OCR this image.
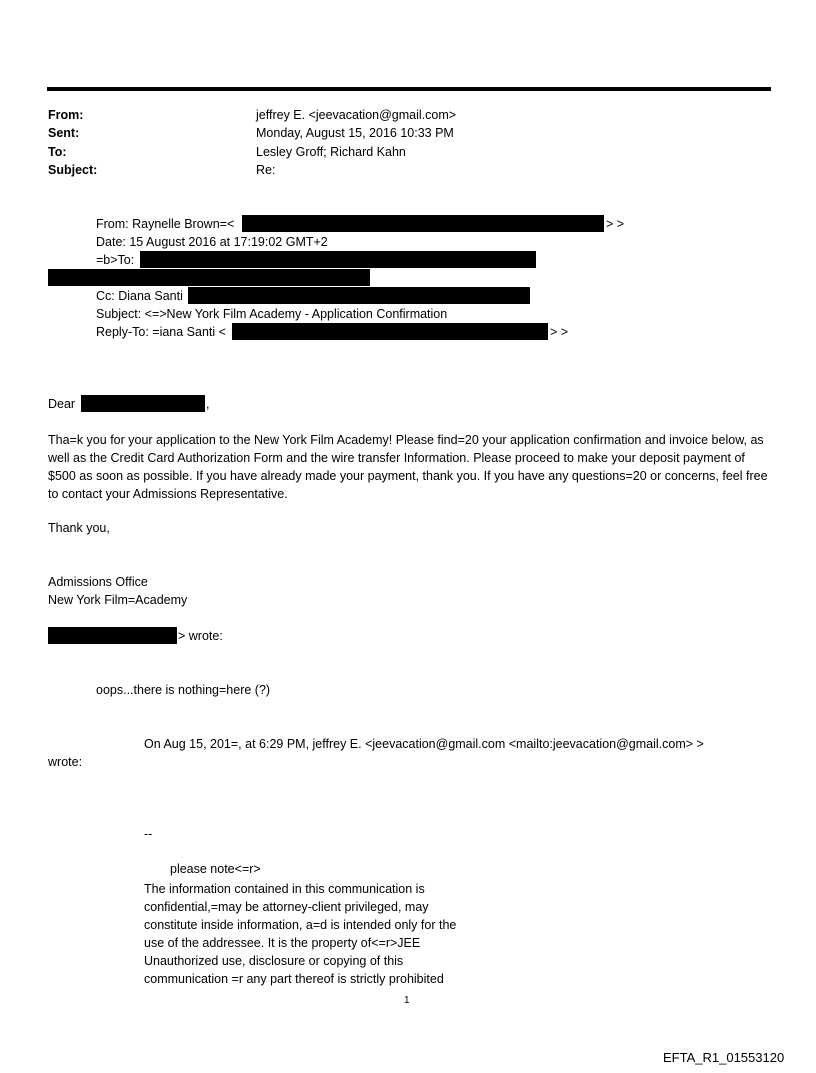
From:	jeffrey E. <jeevacation@gmail.com>
Sent:	Monday, August 15, 2016 10:33 PM
To:	Lesley Groff; Richard Kahn
Subject:	Re:
From: Raynelle Brown=<	> >
Date: 15 August 2016 at 17:19:02 GMT+2
=b>To:
Cc: Diana Santi
Subject: <=>New York Film Academy - Application Confirmation
Reply-To: =iana Santi <	> >
Dear	,
Tha=k you for your application to the New York Film Academy! Please find=20 your application confirmation and invoice below, as well as the Credit Card Authorization Form and the wire transfer Information. Please proceed to make your deposit payment of $500 as soon as possible. If you have already made your payment, thank you. If you have any questions=20 or concerns, feel free to contact your Admissions Representative.
Thank you,
Admissions Office
New York Film=Academy
> wrote:
oops...there is nothing=here (?)
On Aug 15, 201=, at 6:29 PM, jeffrey E. <jeevacation@gmail.com <mailto:jeevacation@gmail.com> >
wrote:
--
please note<=r>
The information contained in this communication is confidential,=may be attorney-client privileged, may constitute inside information, a=d is intended only for the use of the addressee. It is the property of<=r>JEE Unauthorized use, disclosure or copying of this communication =r any part thereof is strictly prohibited
1
EFTA_R1_01553120
